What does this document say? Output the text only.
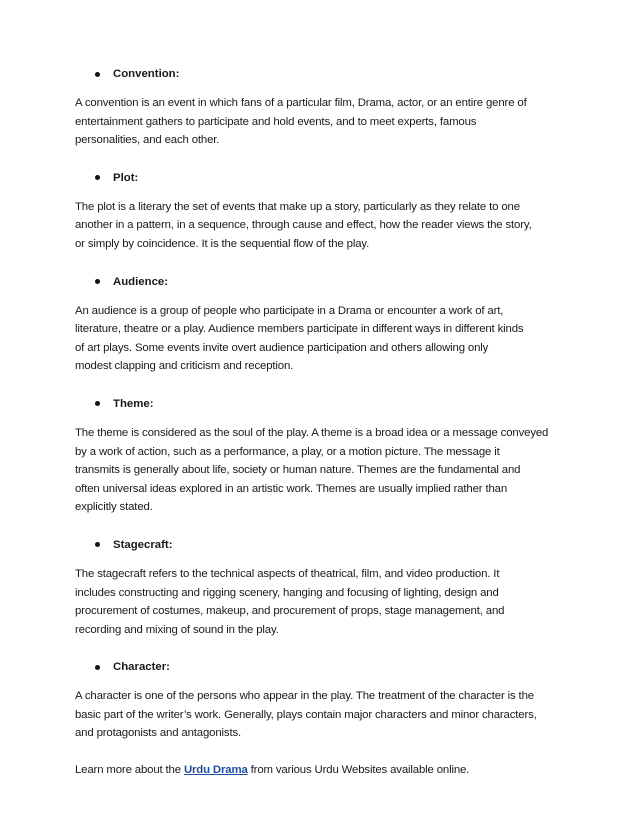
Convention:
A convention is an event in which fans of a particular film, Drama, actor, or an entire genre of
entertainment gathers to participate and hold events, and to meet experts, famous
personalities, and each other.
Plot:
The plot is a literary the set of events that make up a story, particularly as they relate to one
another in a pattern, in a sequence, through cause and effect, how the reader views the story,
or simply by coincidence. It is the sequential flow of the play.
Audience:
An audience is a group of people who participate in a Drama or encounter a work of art,
literature, theatre or a play. Audience members participate in different ways in different kinds
of art plays. Some events invite overt audience participation and others allowing only
modest clapping and criticism and reception.
Theme:
The theme is considered as the soul of the play. A theme is a broad idea or a message conveyed
by a work of action, such as a performance, a play, or a motion picture. The message it
transmits is generally about life, society or human nature. Themes are the fundamental and
often universal ideas explored in an artistic work. Themes are usually implied rather than
explicitly stated.
Stagecraft:
The stagecraft refers to the technical aspects of theatrical, film, and video production. It
includes constructing and rigging scenery, hanging and focusing of lighting, design and
procurement of costumes, makeup, and procurement of props, stage management, and
recording and mixing of sound in the play.
Character:
A character is one of the persons who appear in the play. The treatment of the character is the
basic part of the writer’s work. Generally, plays contain major characters and minor characters,
and protagonists and antagonists.
Learn more about the Urdu Drama from various Urdu Websites available online.
